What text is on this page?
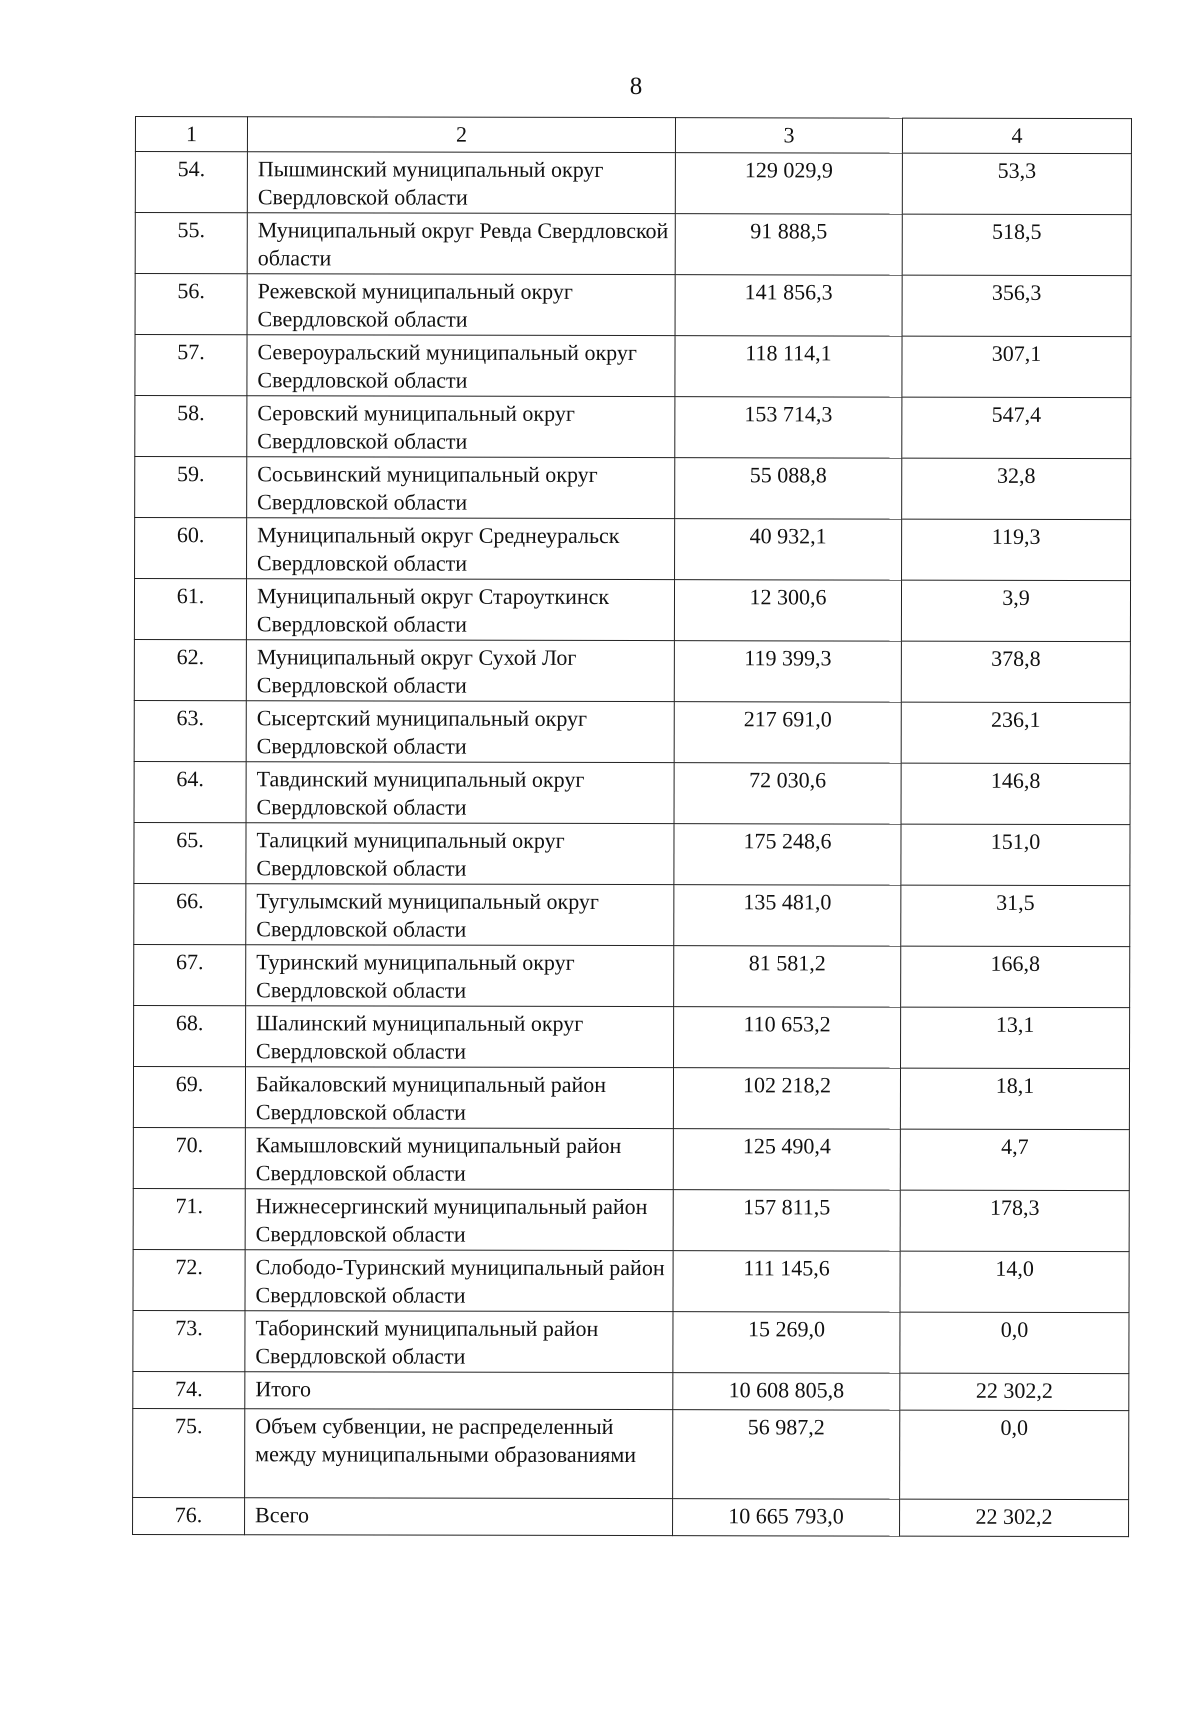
8
1	2	3	4
54.	Пышминский муниципальный округ Свердловской области	129 029,9	53,3
55.	Муниципальный округ Ревда Свердловской области	91 888,5	518,5
56.	Режевской муниципальный округ Свердловской области	141 856,3	356,3
57.	Североуральский муниципальный округ Свердловской области	118 114,1	307,1
58.	Серовский муниципальный округ Свердловской области	153 714,3	547,4
59.	Сосьвинский муниципальный округ Свердловской области	55 088,8	32,8
60.	Муниципальный округ Среднеуральск Свердловской области	40 932,1	119,3
61.	Муниципальный округ Староуткинск Свердловской области	12 300,6	3,9
62.	Муниципальный округ Сухой Лог Свердловской области	119 399,3	378,8
63.	Сысертский муниципальный округ Свердловской области	217 691,0	236,1
64.	Тавдинский муниципальный округ Свердловской области	72 030,6	146,8
65.	Талицкий муниципальный округ Свердловской области	175 248,6	151,0
66.	Тугулымский муниципальный округ Свердловской области	135 481,0	31,5
67.	Туринский муниципальный округ Свердловской области	81 581,2	166,8
68.	Шалинский муниципальный округ Свердловской области	110 653,2	13,1
69.	Байкаловский муниципальный район Свердловской области	102 218,2	18,1
70.	Камышловский муниципальный район Свердловской области	125 490,4	4,7
71.	Нижнесергинский муниципальный район Свердловской области	157 811,5	178,3
72.	Слободо-Туринский муниципальный район Свердловской области	111 145,6	14,0
73.	Таборинский муниципальный район Свердловской области	15 269,0	0,0
74.	Итого	10 608 805,8	22 302,2
75.	Объем субвенции, не распределенный между муниципальными образованиями	56 987,2	0,0
76.	Всего	10 665 793,0	22 302,2
